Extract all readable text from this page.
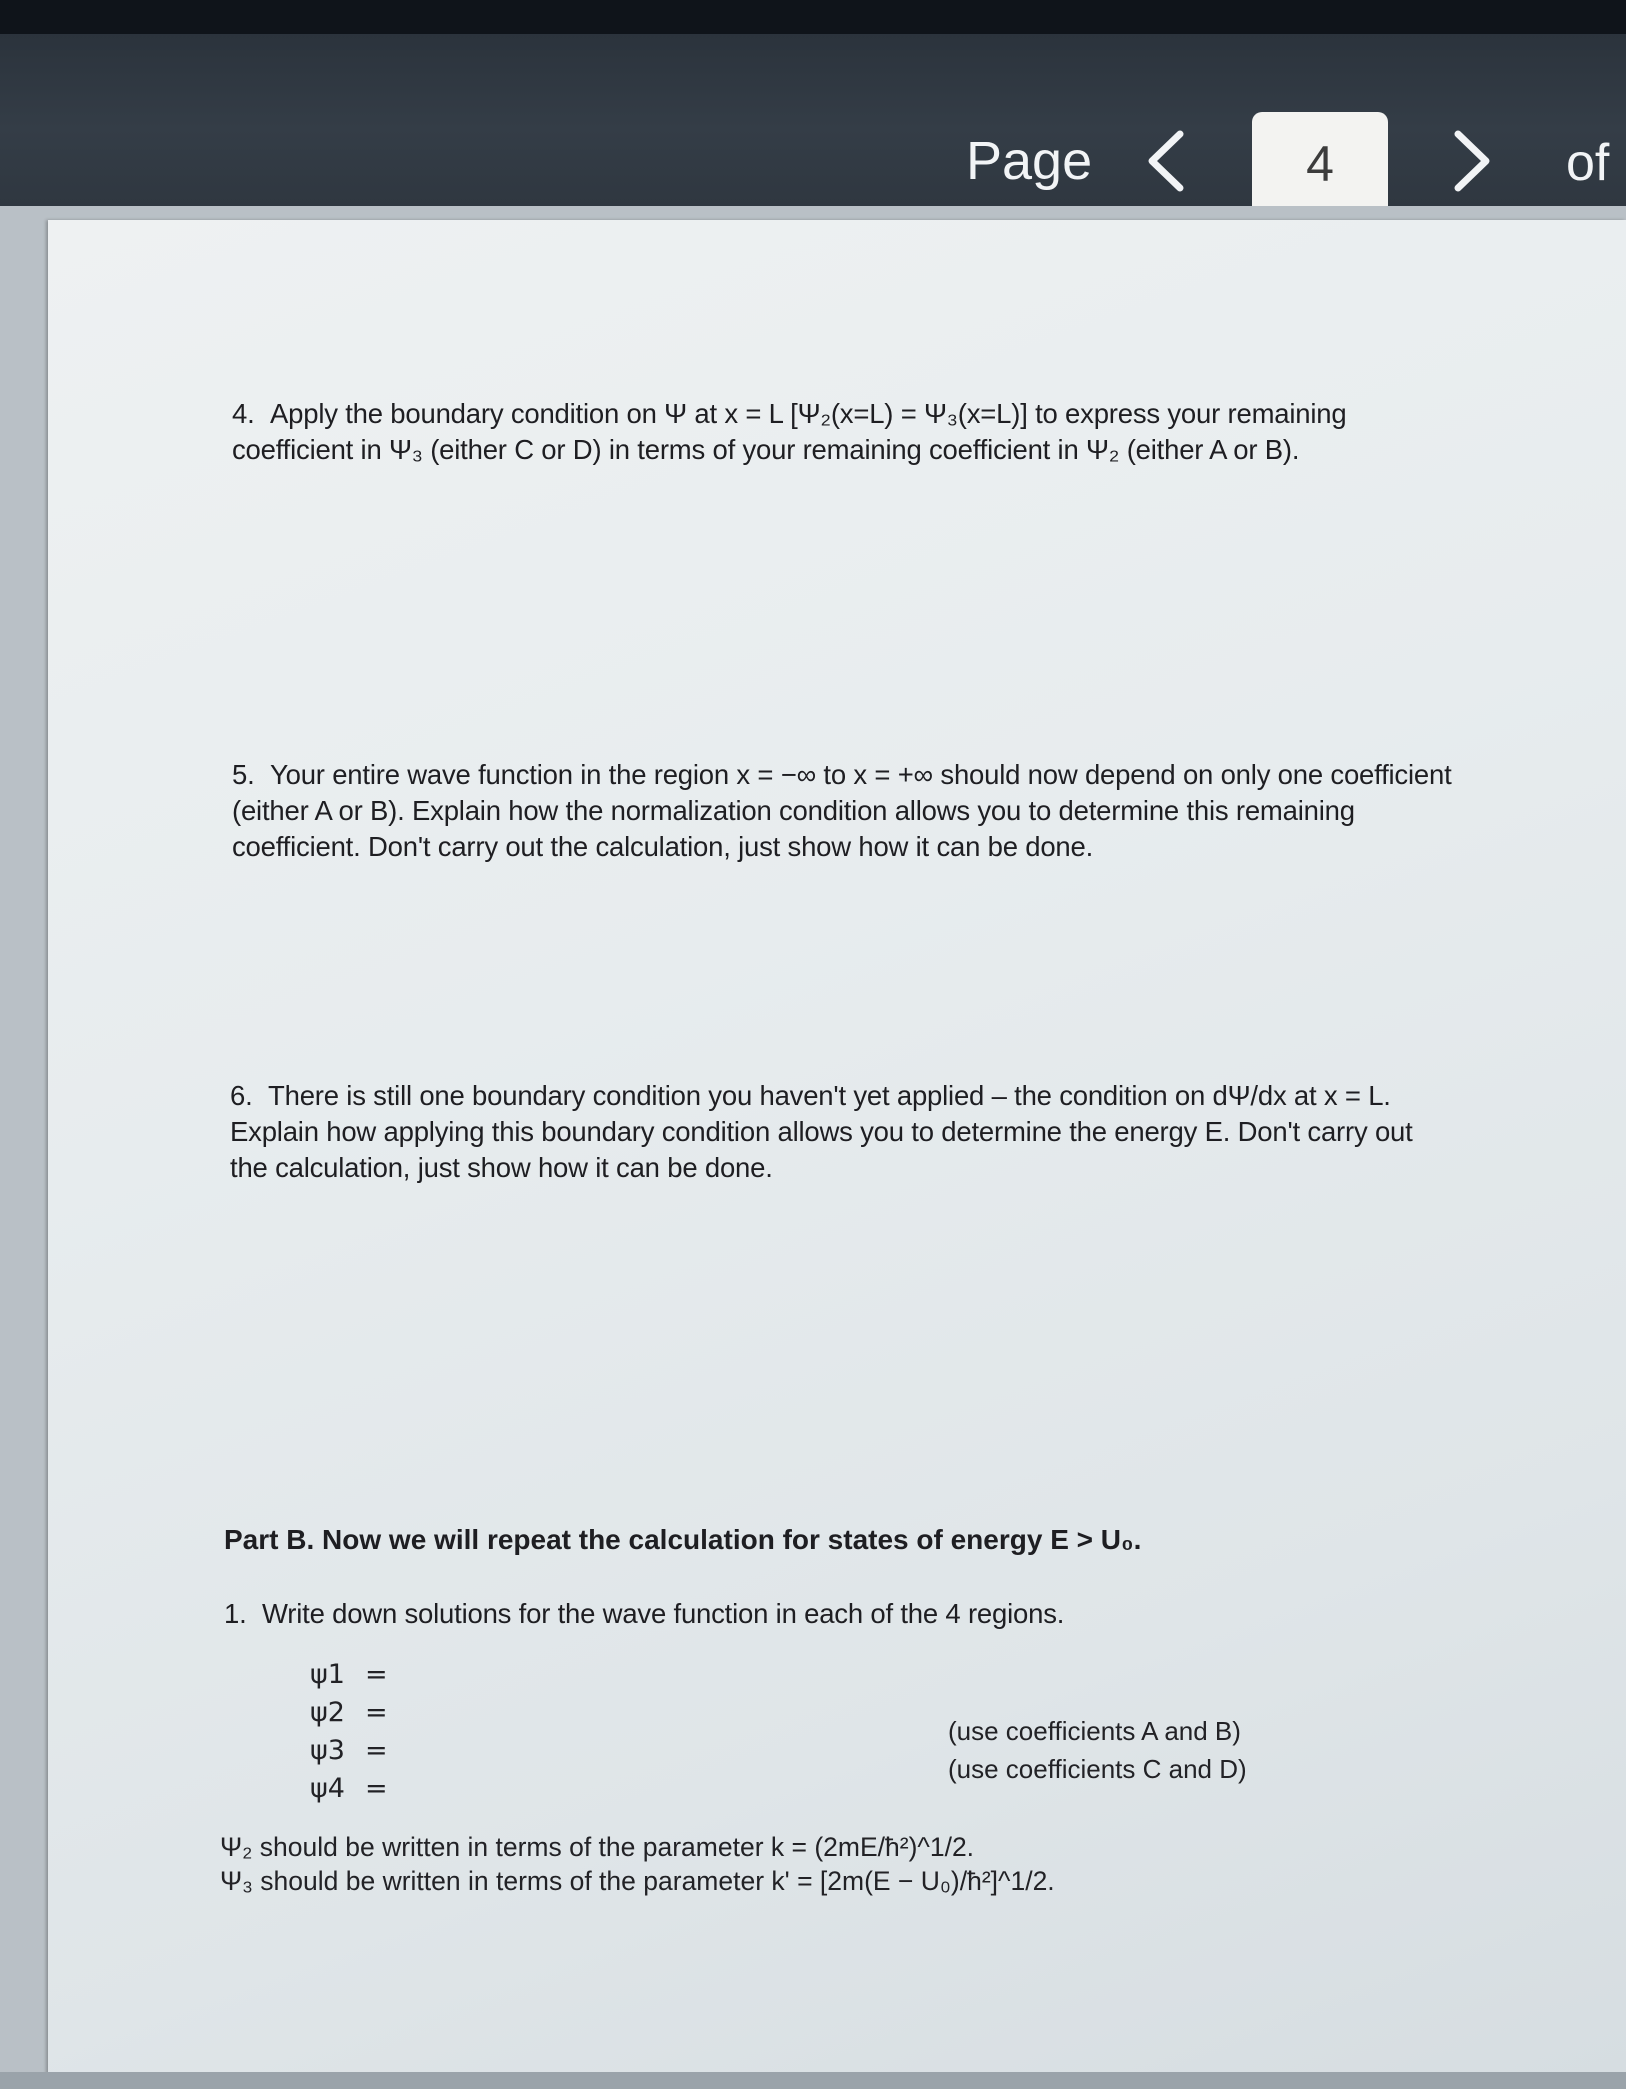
Page
4	of

4. Apply the boundary condition on Ψ at x = L [Ψ₂(x=L) = Ψ₃(x=L)] to express your remaining coefficient in Ψ₃ (either C or D) in terms of your remaining coefficient in Ψ₂ (either A or B).

5. Your entire wave function in the region x = −∞ to x = +∞ should now depend on only one coefficient (either A or B). Explain how the normalization condition allows you to determine this remaining coefficient. Don't carry out the calculation, just show how it can be done.

6. There is still one boundary condition you haven't yet applied – the condition on dΨ/dx at x = L. Explain how applying this boundary condition allows you to determine the energy E. Don't carry out the calculation, just show how it can be done.

Part B. Now we will repeat the calculation for states of energy E > U₀.

1. Write down solutions for the wave function in each of the 4 regions.

ψ1 =
ψ2 =
ψ3 =
ψ4 =
(use coefficients A and B)
(use coefficients C and D)
Ψ₂ should be written in terms of the parameter k = (2mE/ħ²)^1/2.
Ψ₃ should be written in terms of the parameter k' = [2m(E − U₀)/ħ²]^1/2.
